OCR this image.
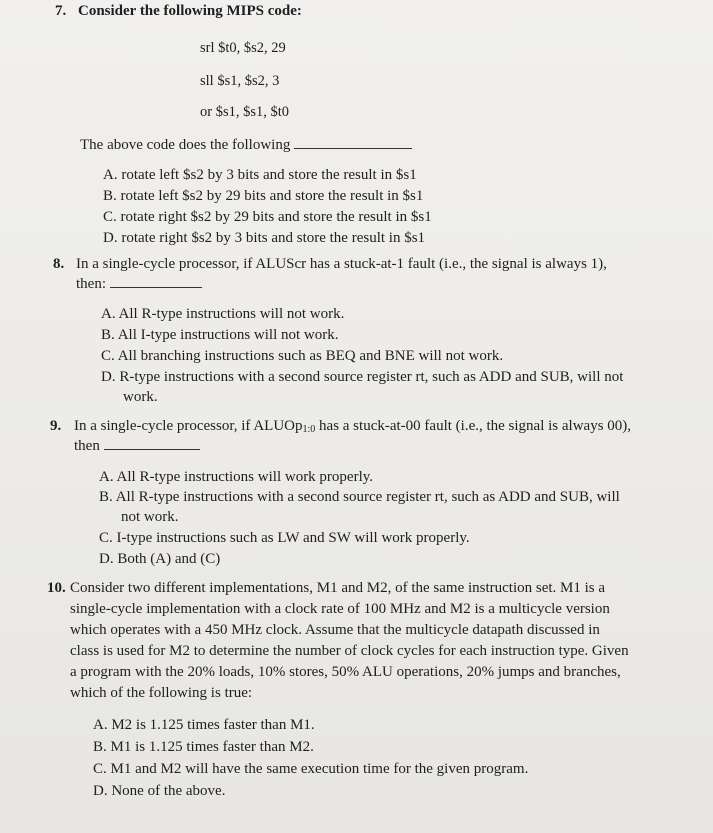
7. Consider the following MIPS code:
srl $t0, $s2, 29
sll $s1, $s2, 3
or $s1, $s1, $t0
The above code does the following
A. rotate left $s2 by 3 bits and store the result in $s1
B. rotate left $s2 by 29 bits and store the result in $s1
C. rotate right $s2 by 29 bits and store the result in $s1
D. rotate right $s2 by 3 bits and store the result in $s1
8. In a single-cycle processor, if ALUScr has a stuck-at-1 fault (i.e., the signal is always 1),
then:
A. All R-type instructions will not work.
B. All I-type instructions will not work.
C. All branching instructions such as BEQ and BNE will not work.
D. R-type instructions with a second source register rt, such as ADD and SUB, will not
work.
9. In a single-cycle processor, if ALUOp$_{1:0}$ has a stuck-at-00 fault (i.e., the signal is always 00),
then
A. All R-type instructions will work properly.
B. All R-type instructions with a second source register rt, such as ADD and SUB, will
not work.
C. I-type instructions such as LW and SW will work properly.
D. Both (A) and (C)
10. Consider two different implementations, M1 and M2, of the same instruction set. M1 is a
single-cycle implementation with a clock rate of 100 MHz and M2 is a multicycle version
which operates with a 450 MHz clock. Assume that the multicycle datapath discussed in
class is used for M2 to determine the number of clock cycles for each instruction type. Given
a program with the 20% loads, 10% stores, 50% ALU operations, 20% jumps and branches,
which of the following is true:
A. M2 is 1.125 times faster than M1.
B. M1 is 1.125 times faster than M2.
C. M1 and M2 will have the same execution time for the given program.
D. None of the above.
